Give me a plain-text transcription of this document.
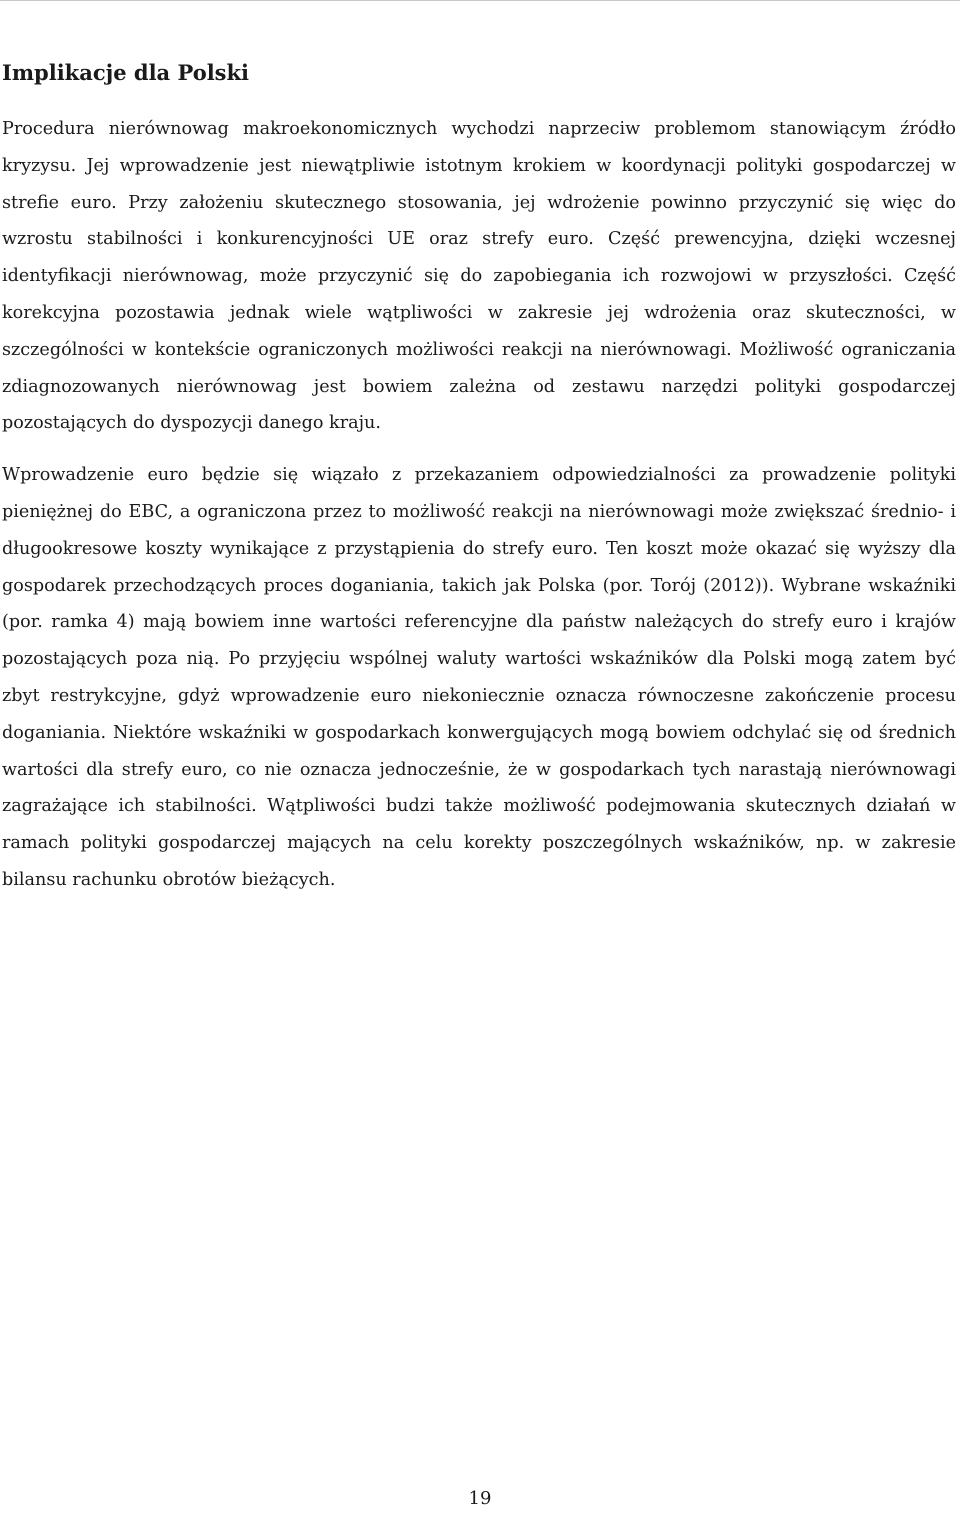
Implikacje dla Polski

Procedura nierównowag makroekonomicznych wychodzi naprzeciw problemom stanowiącym źródło kryzysu. Jej wprowadzenie jest niewątpliwie istotnym krokiem w koordynacji polityki gospodarczej w strefie euro. Przy założeniu skutecznego stosowania, jej wdrożenie powinno przyczynić się więc do wzrostu stabilności i konkurencyjności UE oraz strefy euro. Część prewencyjna, dzięki wczesnej identyfikacji nierównowag, może przyczynić się do zapobiegania ich rozwojowi w przyszłości. Część korekcyjna pozostawia jednak wiele wątpliwości w zakresie jej wdrożenia oraz skuteczności, w szczególności w kontekście ograniczonych możliwości reakcji na nierównowagi. Możliwość ograniczania zdiagnozowanych nierównowag jest bowiem zależna od zestawu narzędzi polityki gospodarczej pozostających do dyspozycji danego kraju.

Wprowadzenie euro będzie się wiązało z przekazaniem odpowiedzialności za prowadzenie polityki pieniężnej do EBC, a ograniczona przez to możliwość reakcji na nierównowagi może zwiększać średnio- i długookresowe koszty wynikające z przystąpienia do strefy euro. Ten koszt może okazać się wyższy dla gospodarek przechodzących proces doganiania, takich jak Polska (por. Torój (2012)). Wybrane wskaźniki (por. ramka 4) mają bowiem inne wartości referencyjne dla państw należących do strefy euro i krajów pozostających poza nią. Po przyjęciu wspólnej waluty wartości wskaźników dla Polski mogą zatem być zbyt restrykcyjne, gdyż wprowadzenie euro niekoniecznie oznacza równoczesne zakończenie procesu doganiania. Niektóre wskaźniki w gospodarkach konwergujących mogą bowiem odchylać się od średnich wartości dla strefy euro, co nie oznacza jednocześnie, że w gospodarkach tych narastają nierównowagi zagrażające ich stabilności. Wątpliwości budzi także możliwość podejmowania skutecznych działań w ramach polityki gospodarczej mających na celu korekty poszczególnych wskaźników, np. w zakresie bilansu rachunku obrotów bieżących.

19
